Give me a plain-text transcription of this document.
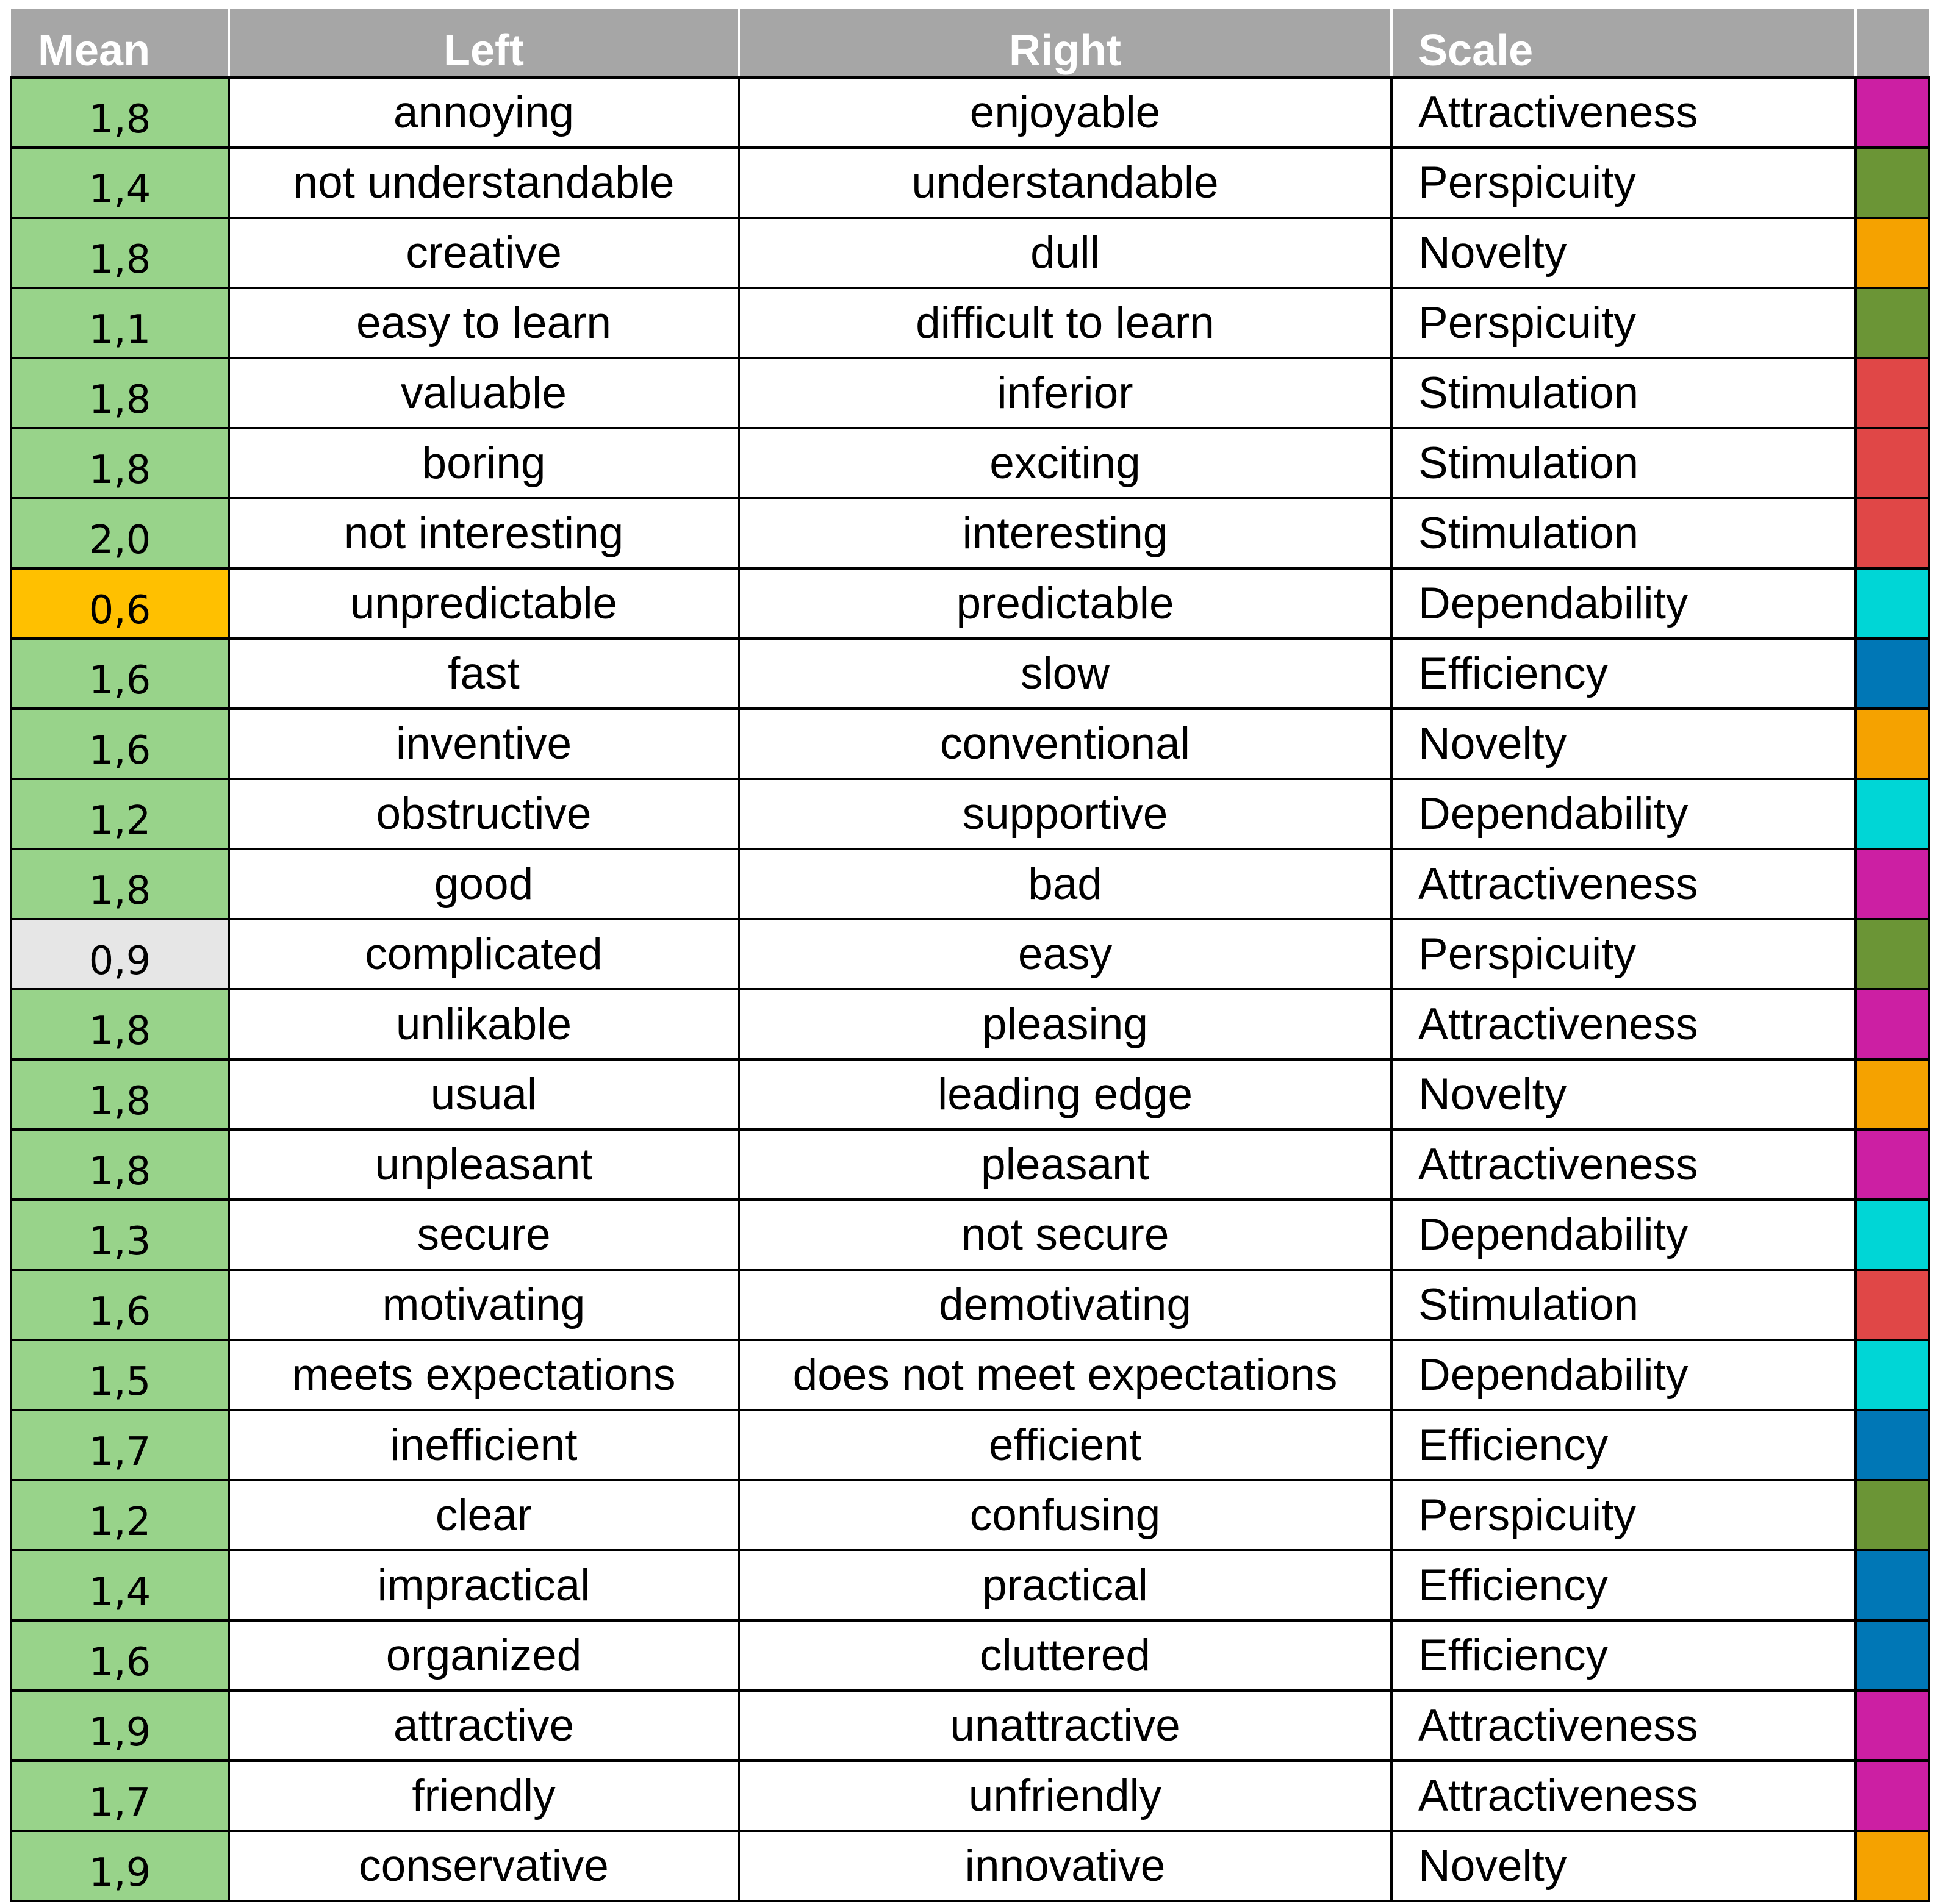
Mean	Left	Right	Scale	
1,8	annoying	enjoyable	Attractiveness	
1,4	not understandable	understandable	Perspicuity	
1,8	creative	dull	Novelty	
1,1	easy to learn	difficult to learn	Perspicuity	
1,8	valuable	inferior	Stimulation	
1,8	boring	exciting	Stimulation	
2,0	not interesting	interesting	Stimulation	
0,6	unpredictable	predictable	Dependability	
1,6	fast	slow	Efficiency	
1,6	inventive	conventional	Novelty	
1,2	obstructive	supportive	Dependability	
1,8	good	bad	Attractiveness	
0,9	complicated	easy	Perspicuity	
1,8	unlikable	pleasing	Attractiveness	
1,8	usual	leading edge	Novelty	
1,8	unpleasant	pleasant	Attractiveness	
1,3	secure	not secure	Dependability	
1,6	motivating	demotivating	Stimulation	
1,5	meets expectations	does not meet expectations	Dependability	
1,7	inefficient	efficient	Efficiency	
1,2	clear	confusing	Perspicuity	
1,4	impractical	practical	Efficiency	
1,6	organized	cluttered	Efficiency	
1,9	attractive	unattractive	Attractiveness	
1,7	friendly	unfriendly	Attractiveness	
1,9	conservative	innovative	Novelty	
